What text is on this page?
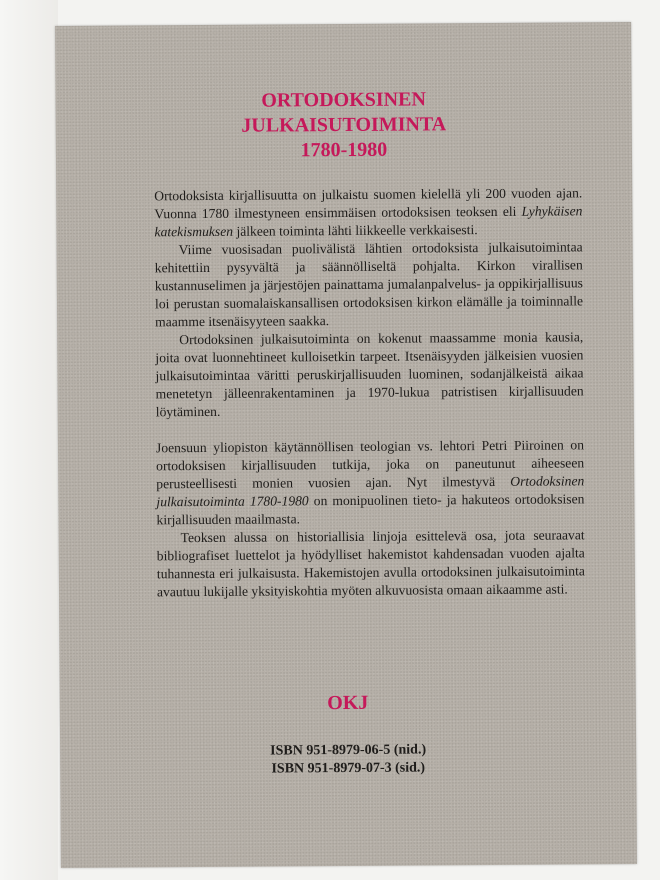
ORTODOKSINEN
JULKAISUTOIMINTA
1780-1980

Ortodoksista kirjallisuutta on julkaistu suomen kielellä yli 200 vuoden ajan. Vuonna 1780 ilmestyneen ensimmäisen ortodoksisen teoksen eli Lyhykäisen katekismuksen jälkeen toiminta lähti liikkeelle verkkaisesti.

Viime vuosisadan puolivälistä lähtien ortodoksista julkaisutoimintaa kehitettiin pysyvältä ja säännölliseltä pohjalta. Kirkon virallisen kustannuselimen ja järjestöjen painattama jumalanpalvelus- ja oppikirjallisuus loi perustan suomalaiskansallisen ortodoksisen kirkon elämälle ja toiminnalle maamme itsenäisyyteen saakka.

Ortodoksinen julkaisutoiminta on kokenut maassamme monia kausia, joita ovat luonnehtineet kulloisetkin tarpeet. Itsenäisyyden jälkeisien vuosien julkaisutoimintaa väritti peruskirjallisuuden luominen, sodanjälkeistä aikaa menetetyn jälleenrakentaminen ja 1970-lukua patristisen kirjallisuuden löytäminen.

Joensuun yliopiston käytännöllisen teologian vs. lehtori Petri Piiroinen on ortodoksisen kirjallisuuden tutkija, joka on paneutunut aiheeseen perusteellisesti monien vuosien ajan. Nyt ilmestyvä Ortodoksinen julkaisutoiminta 1780-1980 on monipuolinen tieto- ja hakuteos ortodoksisen kirjallisuuden maailmasta.

Teoksen alussa on historiallisia linjoja esittelevä osa, jota seuraavat bibliografiset luettelot ja hyödylliset hakemistot kahdensadan vuoden ajalta tuhannesta eri julkaisusta. Hakemistojen avulla ortodoksinen julkaisutoiminta avautuu lukijalle yksityiskohtia myöten alkuvuosista omaan aikaamme asti.

OKJ
ISBN 951-8979-06-5 (nid.)
ISBN 951-8979-07-3 (sid.)
